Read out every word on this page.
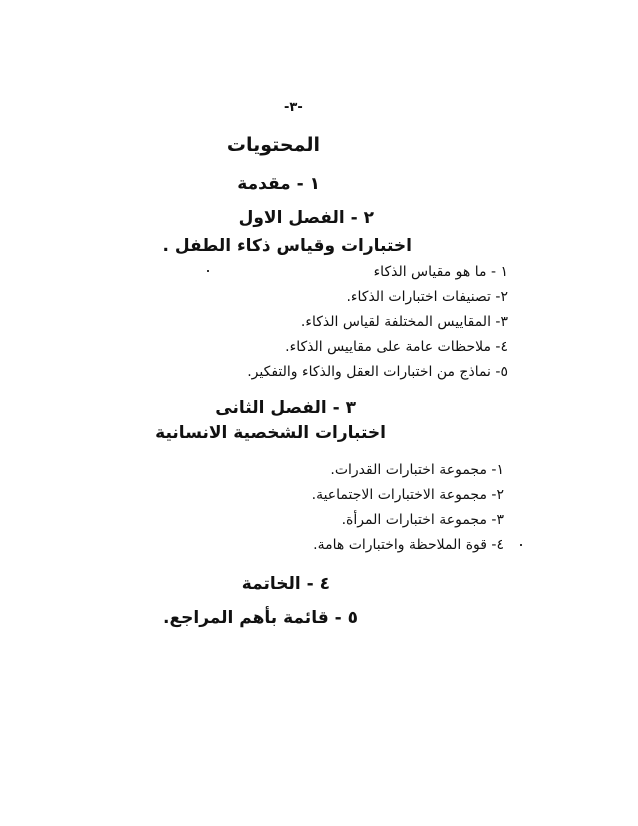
-٣-
المحتويات
١ - مقدمة
٢ - الفصل الاول
اختبارات وقياس ذكاء الطفل .
١ - ما هو مقياس الذكاء
٢- تصنيفات اختبارات الذكاء.
٣- المقاييس المختلفة لقياس الذكاء.
٤- ملاحظات عامة على مقاييس الذكاء.
٥- نماذج من اختبارات العقل والذكاء والتفكير.
٣ - الفصل الثانى
اختبارات الشخصية الانسانية
١- مجموعة اختبارات القدرات.
٢- مجموعة الاختبارات الاجتماعية.
٣- مجموعة اختبارات المرأة.
٤- قوة الملاحظة واختبارات هامة.
٤ - الخاتمة
٥ - قائمة بأهم المراجع.
